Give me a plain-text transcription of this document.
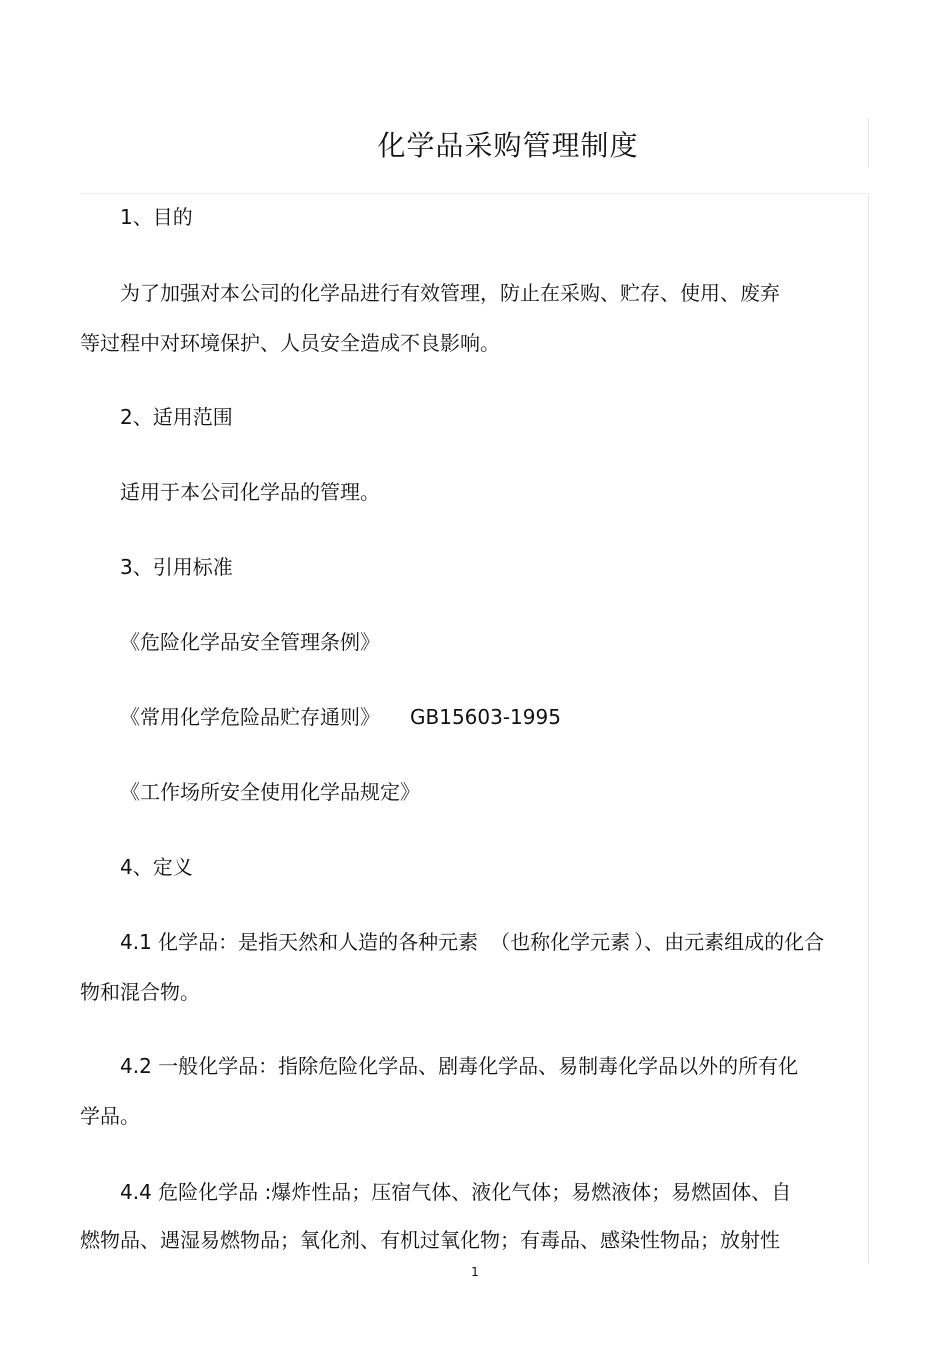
化学品采购管理制度
1、目的
为了加强对本公司的化学品进行有效管理，防止在采购、贮存、使用、废弃
等过程中对环境保护、人员安全造成不良影响。
2、适用范围
适用于本公司化学品的管理。
3、引用标准
《危险化学品安全管理条例》
《常用化学危险品贮存通则》 GB15603-1995
《工作场所安全使用化学品规定》
4、定义
4.1 化学品：是指天然和人造的各种元素 （也称化学元素 ）、由元素组成的化合
物和混合物。
4.2 一般化学品：指除危险化学品、剧毒化学品、易制毒化学品以外的所有化
学品。
4.4 危险化学品 :爆炸性品；压宿气体、液化气体；易燃液体；易燃固体、自
燃物品、遇湿易燃物品；氧化剂、有机过氧化物；有毒品、感染性物品；放射性
1
